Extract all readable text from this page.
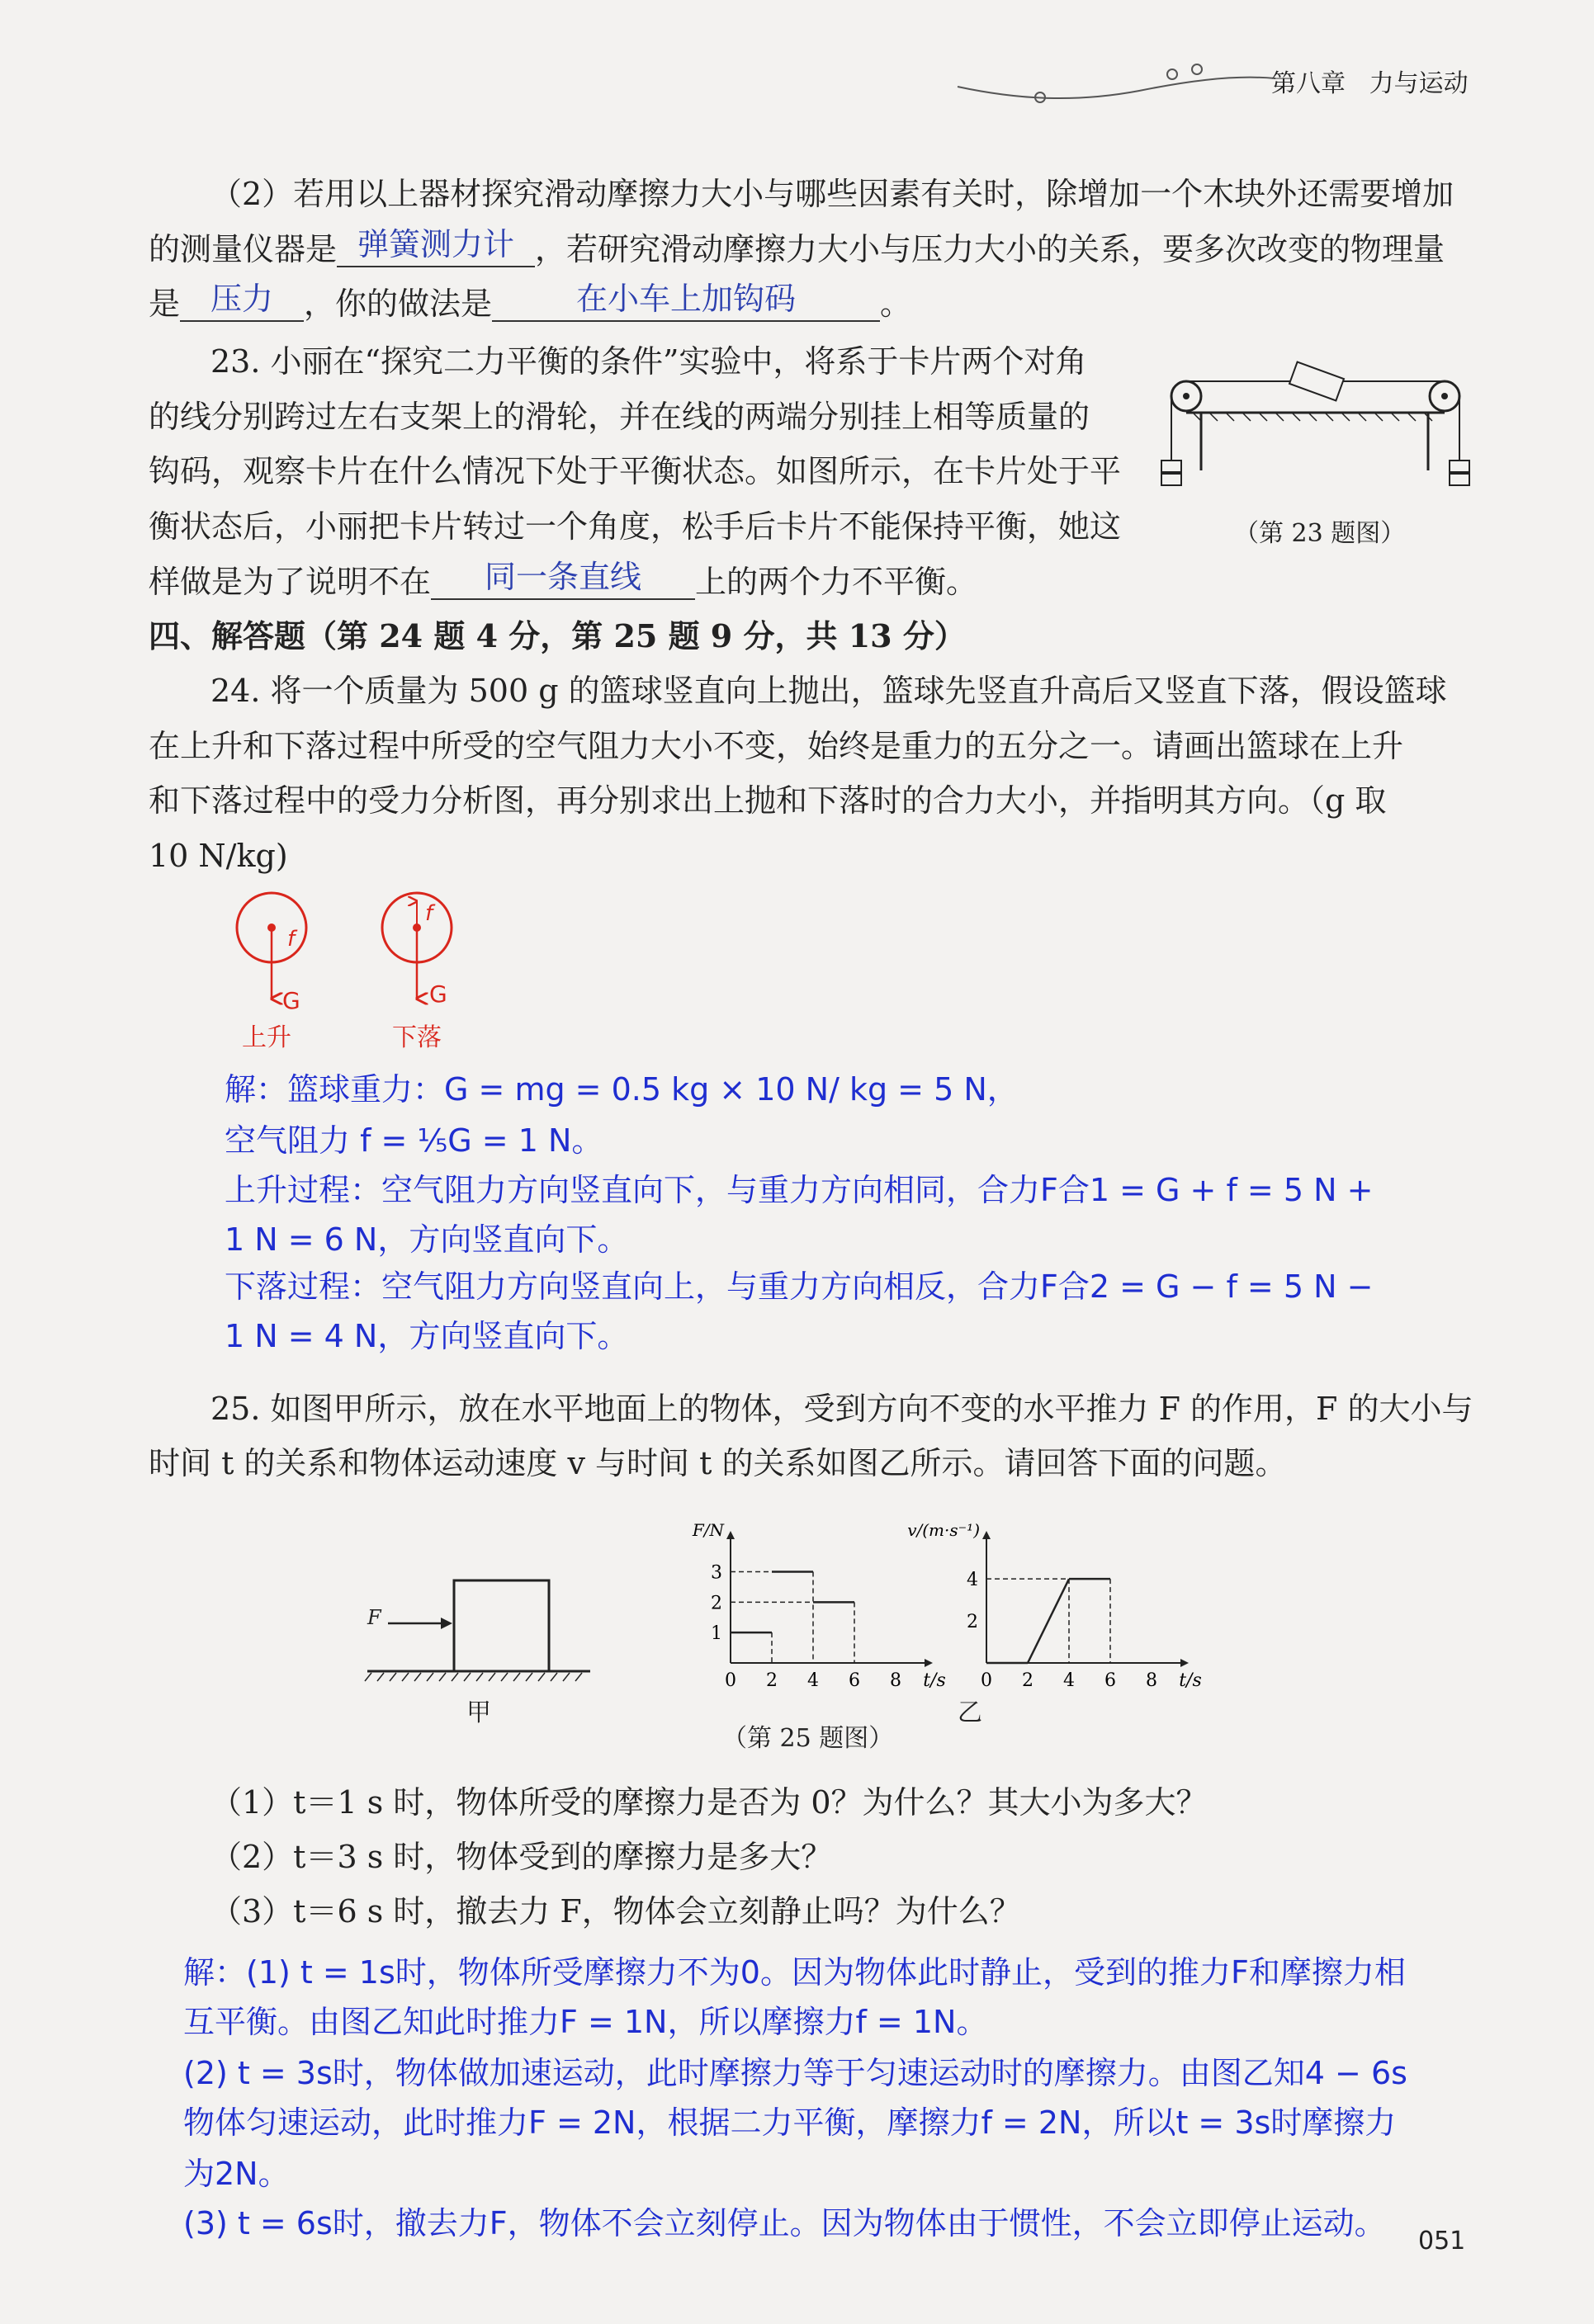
第八章 力与运动
（2）若用以上器材探究滑动摩擦力大小与哪些因素有关时，除增加一个木块外还需要增加
的测量仪器是 弹簧测力计 ，若研究滑动摩擦力大小与压力大小的关系，要多次改变的物理量
是 压力 ，你的做法是	在小车上加钩码	。
23. 小丽在“探究二力平衡的条件”实验中，将系于卡片两个对角
的线分别跨过左右支架上的滑轮，并在线的两端分别挂上相等质量的
钩码，观察卡片在什么情况下处于平衡状态。如图所示，在卡片处于平
衡状态后，小丽把卡片转过一个角度，松手后卡片不能保持平衡，她这
样做是为了说明不在	同一条直线	上的两个力不平衡。
（第 23 题图）
四、解答题（第 24 题 4 分，第 25 题 9 分，共 13 分）
24. 将一个质量为 500 g 的篮球竖直向上抛出，篮球先竖直升高后又竖直下落，假设篮球
在上升和下落过程中所受的空气阻力大小不变，始终是重力的五分之一。请画出篮球在上升
和下落过程中的受力分析图，再分别求出上抛和下落时的合力大小，并指明其方向。（g 取
10 N/kg)
f
G
上升
f
G
下落
解：篮球重力：G = mg = 0.5 kg × 10 N/ kg = 5 N，
空气阻力 f = ⅕G = 1 N。
上升过程：空气阻力方向竖直向下，与重力方向相同，合力F合1 = G + f = 5 N +
1 N = 6 N，方向竖直向下。
下落过程：空气阻力方向竖直向上，与重力方向相反，合力F合2 = G − f = 5 N −
1 N = 4 N，方向竖直向下。
25. 如图甲所示，放在水平地面上的物体，受到方向不变的水平推力 F 的作用，F 的大小与
时间 t 的关系和物体运动速度 v 与时间 t 的关系如图乙所示。请回答下面的问题。
F
甲
0 2 4 6 8 t/s
1
2
3
F/N
0 2 4 6 8 t/s
2
4
v/(m·s⁻¹)
乙
（第 25 题图）
（1）t＝1 s 时，物体所受的摩擦力是否为 0？为什么？其大小为多大？
（2）t＝3 s 时，物体受到的摩擦力是多大？
（3）t＝6 s 时，撤去力 F，物体会立刻静止吗？为什么？
解：(1) t = 1s时，物体所受摩擦力不为0。因为物体此时静止，受到的推力F和摩擦力相
互平衡。由图乙知此时推力F = 1N，所以摩擦力f = 1N。
(2) t = 3s时，物体做加速运动，此时摩擦力等于匀速运动时的摩擦力。由图乙知4 − 6s
物体匀速运动，此时推力F = 2N，根据二力平衡，摩擦力f = 2N，所以t = 3s时摩擦力
为2N。
(3) t = 6s时，撤去力F，物体不会立刻停止。因为物体由于惯性，不会立即停止运动。 051
